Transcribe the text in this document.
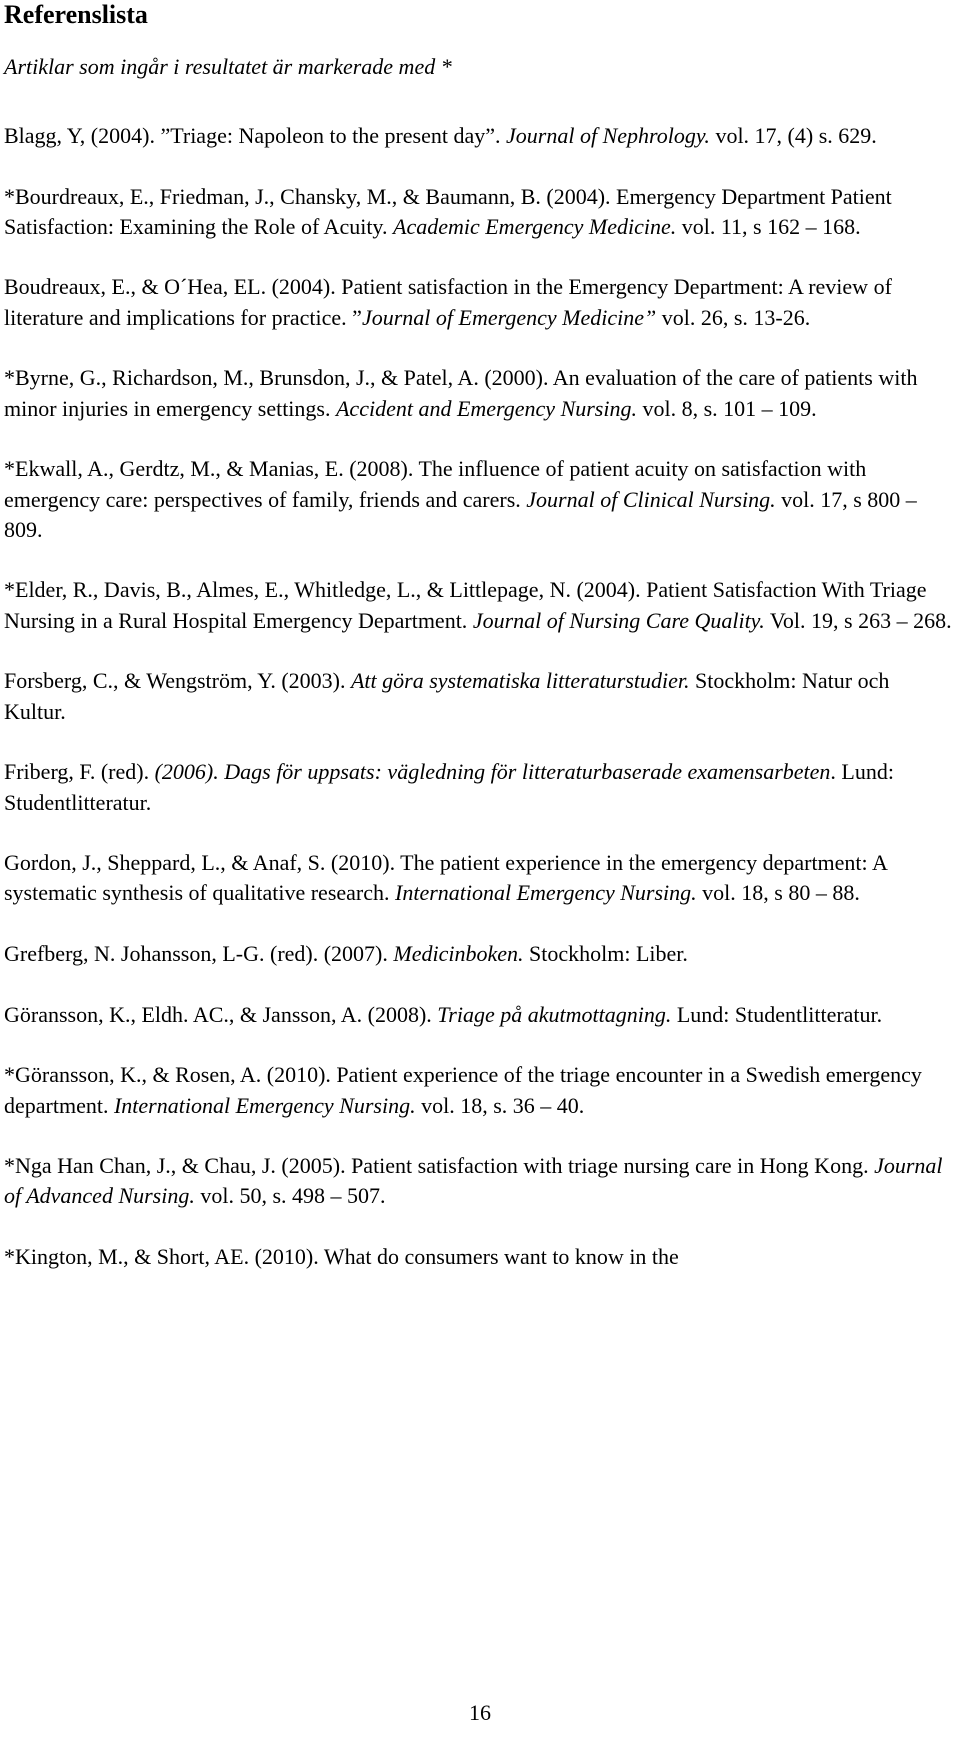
Referenslista
Artiklar som ingår i resultatet är markerade med *
Blagg, Y, (2004). ”Triage: Napoleon to the present day”. Journal of Nephrology. vol. 17, (4) s. 629.
*Bourdreaux, E., Friedman, J., Chansky, M., & Baumann, B. (2004). Emergency Department Patient Satisfaction: Examining the Role of Acuity. Academic Emergency Medicine. vol. 11, s 162 – 168.
Boudreaux, E., & O´Hea, EL. (2004). Patient satisfaction in the Emergency Department: A review of literature and implications for practice. ”Journal of Emergency Medicine” vol. 26, s. 13-26.
*Byrne, G., Richardson, M., Brunsdon, J., & Patel, A. (2000). An evaluation of the care of patients with minor injuries in emergency settings. Accident and Emergency Nursing. vol. 8, s. 101 – 109.
*Ekwall, A., Gerdtz, M., & Manias, E. (2008). The influence of patient acuity on satisfaction with emergency care: perspectives of family, friends and carers. Journal of Clinical Nursing. vol. 17, s 800 – 809.
*Elder, R., Davis, B., Almes, E., Whitledge, L., & Littlepage, N. (2004). Patient Satisfaction With Triage Nursing in a Rural Hospital Emergency Department. Journal of Nursing Care Quality. Vol. 19, s 263 – 268.
Forsberg, C., & Wengström, Y. (2003). Att göra systematiska litteraturstudier. Stockholm: Natur och Kultur.
Friberg, F. (red). (2006). Dags för uppsats: vägledning för litteraturbaserade examensarbeten. Lund: Studentlitteratur.
Gordon, J., Sheppard, L., & Anaf, S. (2010). The patient experience in the emergency department: A systematic synthesis of qualitative research. International Emergency Nursing. vol. 18, s 80 – 88.
Grefberg, N. Johansson, L-G. (red). (2007). Medicinboken. Stockholm: Liber.
Göransson, K., Eldh. AC., & Jansson, A. (2008). Triage på akutmottagning. Lund: Studentlitteratur.
*Göransson, K., & Rosen, A. (2010). Patient experience of the triage encounter in a Swedish emergency department. International Emergency Nursing. vol. 18, s. 36 – 40.
*Nga Han Chan, J., & Chau, J. (2005). Patient satisfaction with triage nursing care in Hong Kong. Journal of Advanced Nursing. vol. 50, s. 498 – 507.
*Kington, M., & Short, AE. (2010). What do consumers want to know in the
16
